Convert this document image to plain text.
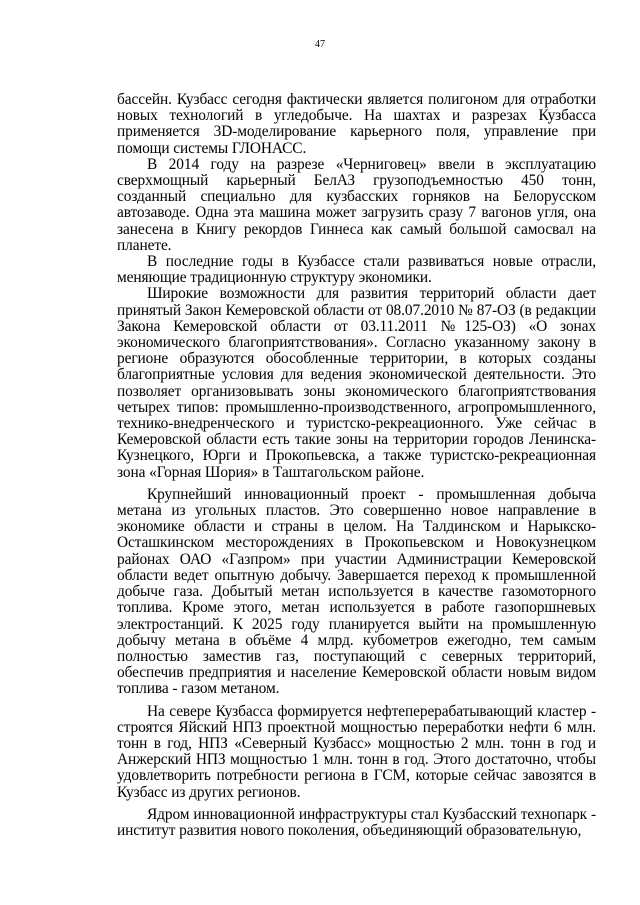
47

бассейн. Кузбасс сегодня фактически является полигоном для отработки новых технологий в угледобыче. На шахтах и разрезах Кузбасса применяется 3D-моделирование карьерного поля, управление при помощи системы ГЛОНАСС.

В 2014 году на разрезе «Черниговец» ввели в эксплуатацию сверхмощный карьерный БелАЗ грузоподъемностью 450 тонн, созданный специально для кузбасских горняков на Белорусском автозаводе. Одна эта машина может загрузить сразу 7 вагонов угля, она занесена в Книгу рекордов Гиннеса как самый большой самосвал на планете.

В последние годы в Кузбассе стали развиваться новые отрасли, меняющие традиционную структуру экономики.

Широкие возможности для развития территорий области дает принятый Закон Кемеровской области от 08.07.2010 № 87-ОЗ (в редакции Закона Кемеровской области от 03.11.2011 №125-ОЗ) «О зонах экономического благоприятствования». Согласно указанному закону в регионе образуются обособленные территории, в которых созданы благоприятные условия для ведения экономической деятельности. Это позволяет организовывать зоны экономического благоприятствования четырех типов: промышленно-производственного, агропромышленного, технико-внедренческого и туристско-рекреационного. Уже сейчас в Кемеровской области есть такие зоны на территории городов Ленинска-Кузнецкого, Юрги и Прокопьевска, а также туристско-рекреационная зона «Горная Шория» в Таштагольском районе.

Крупнейший инновационный проект - промышленная добыча метана из угольных пластов. Это совершенно новое направление в экономике области и страны в целом. На Талдинском и Нарыкско-Осташкинском месторождениях в Прокопьевском и Новокузнецком районах ОАО «Газпром» при участии Администрации Кемеровской области ведет опытную добычу. Завершается переход к промышленной добыче газа. Добытый метан используется в качестве газомоторного топлива. Кроме этого, метан используется в работе газопоршневых электростанций. К 2025 году планируется выйти на промышленную добычу метана в объёме 4 млрд. кубометров ежегодно, тем самым полностью заместив газ, поступающий с северных территорий, обеспечив предприятия и население Кемеровской области новым видом топлива - газом метаном.

На севере Кузбасса формируется нефтеперерабатывающий кластер - строятся Яйский НПЗ проектной мощностью переработки нефти 6 млн. тонн в год, НПЗ «Северный Кузбасс» мощностью 2 млн. тонн в год и Анжерский НПЗ мощностью 1 млн. тонн в год. Этого достаточно, чтобы удовлетворить потребности региона в ГСМ, которые сейчас завозятся в Кузбасс из других регионов.

Ядром инновационной инфраструктуры стал Кузбасский технопарк - институт развития нового поколения, объединяющий образовательную,
